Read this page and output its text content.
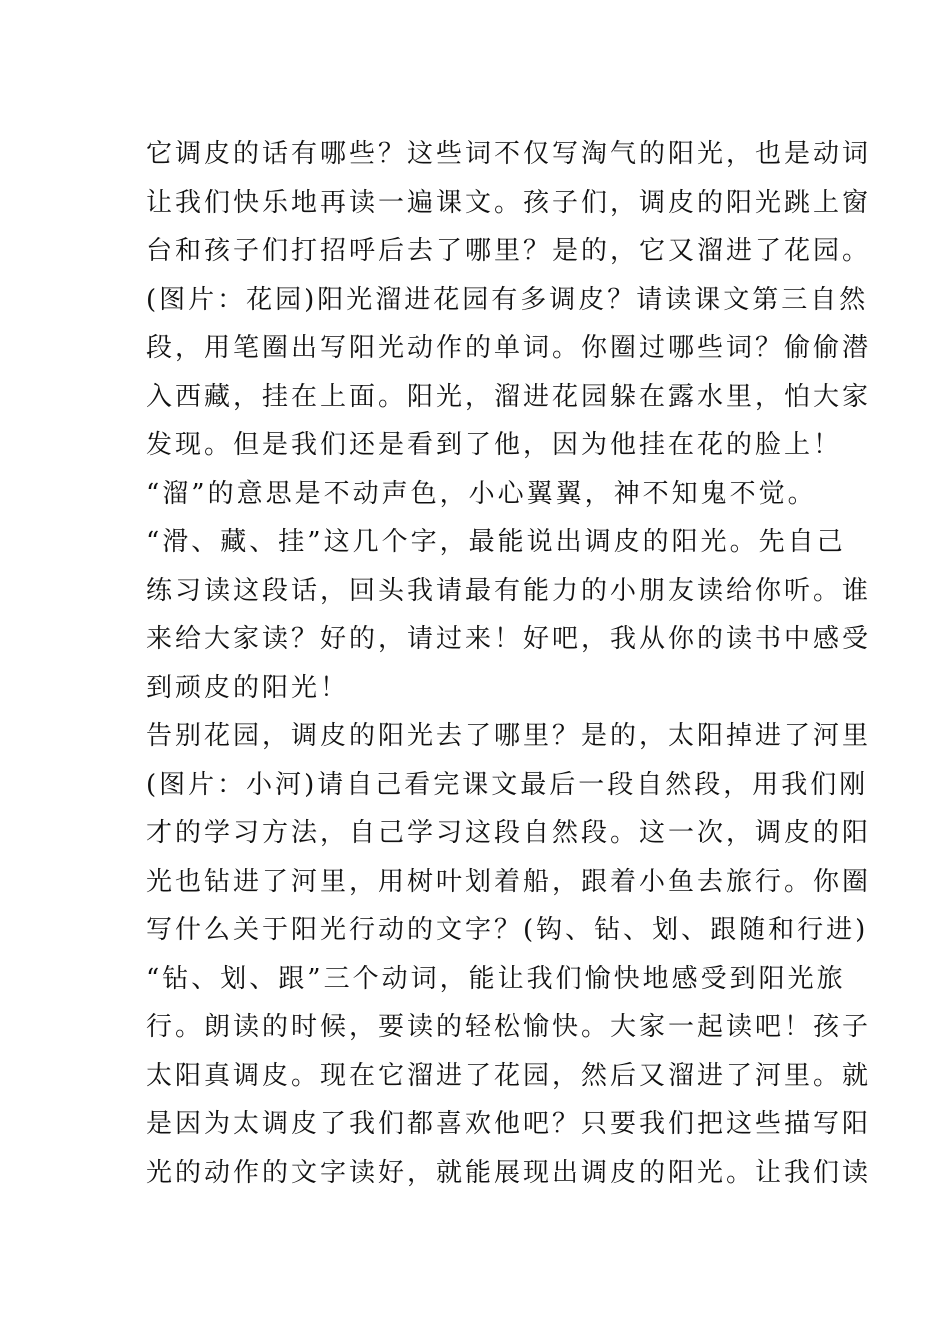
它调皮的话有哪些？这些词不仅写淘气的阳光，也是动词
让我们快乐地再读一遍课文。孩子们，调皮的阳光跳上窗
台和孩子们打招呼后去了哪里？是的，它又溜进了花园。
(图片：花园)阳光溜进花园有多调皮？请读课文第三自然
段，用笔圈出写阳光动作的单词。你圈过哪些词？偷偷潜
入西藏，挂在上面。阳光，溜进花园躲在露水里，怕大家
发现。但是我们还是看到了他，因为他挂在花的脸上！
“溜”的意思是不动声色，小心翼翼，神不知鬼不觉。
“滑、藏、挂”这几个字，最能说出调皮的阳光。先自己
练习读这段话，回头我请最有能力的小朋友读给你听。谁
来给大家读？好的，请过来！好吧，我从你的读书中感受
到顽皮的阳光！
告别花园，调皮的阳光去了哪里？是的，太阳掉进了河里
(图片：小河)请自己看完课文最后一段自然段，用我们刚
才的学习方法，自己学习这段自然段。这一次，调皮的阳
光也钻进了河里，用树叶划着船，跟着小鱼去旅行。你圈
写什么关于阳光行动的文字？(钩、钻、划、跟随和行进)
“钻、划、跟”三个动词，能让我们愉快地感受到阳光旅
行。朗读的时候，要读的轻松愉快。大家一起读吧！孩子
太阳真调皮。现在它溜进了花园，然后又溜进了河里。就
是因为太调皮了我们都喜欢他吧？只要我们把这些描写阳
光的动作的文字读好，就能展现出调皮的阳光。让我们读
